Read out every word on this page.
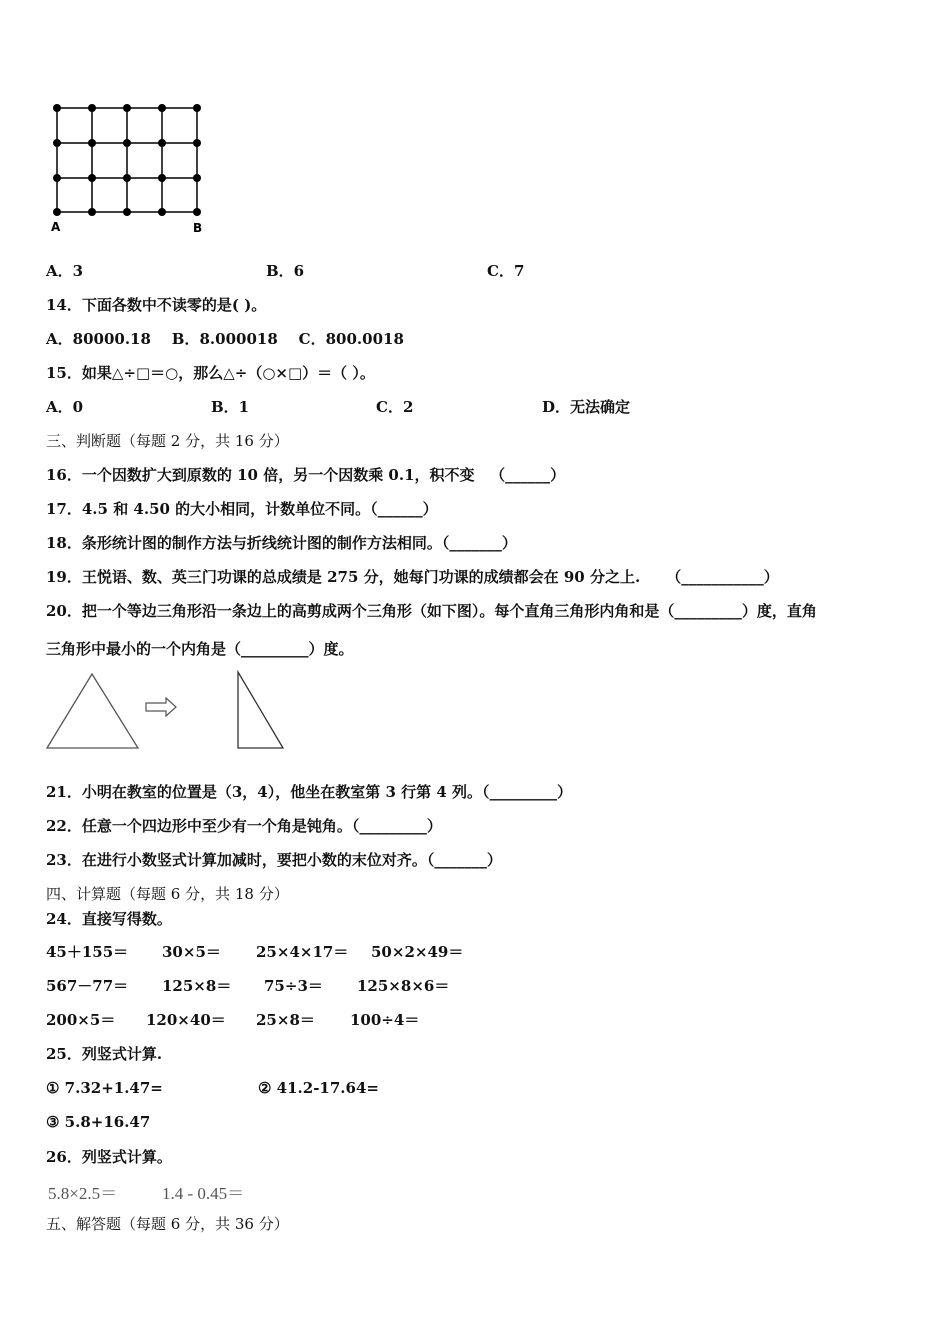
A	B
A．3	B．6	C．7
14．下面各数中不读零的是( )。
A．80000.18    B．8.000018    C．800.0018
15．如果△÷□＝○，那么△÷（○×□）＝（ ）。
A．0	B．1	C．2	D．无法确定
三、判断题（每题 2 分，共 16 分）
16．一个因数扩大到原数的 10 倍，另一个因数乘 0.1，积不变   （______）
17．4.5 和 4.50 的大小相同，计数单位不同。（______）
18．条形统计图的制作方法与折线统计图的制作方法相同。（_______）
19．王悦语、数、英三门功课的总成绩是 275 分，她每门功课的成绩都会在 90 分之上.     （___________）
20．把一个等边三角形沿一条边上的高剪成两个三角形（如下图）。每个直角三角形内角和是（_________）度，直角
三角形中最小的一个内角是（_________）度。
21．小明在教室的位置是（3，4），他坐在教室第 3 行第 4 列。（_________）
22．任意一个四边形中至少有一个角是钝角。（_________）
23．在进行小数竖式计算加减时，要把小数的末位对齐。（_______）
四、计算题（每题 6 分，共 18 分）
24．直接写得数。
45＋155＝ 30×5＝ 25×4×17＝ 50×2×49＝
567－77＝ 125×8＝ 75÷3＝ 125×8×6＝
200×5＝ 120×40＝ 25×8＝ 100÷4＝
25．列竖式计算.
① 7.32+1.47=	② 41.2-17.64=
③ 5.8+16.47
26．列竖式计算。
5.8×2.5＝	1.4 - 0.45＝
五、解答题（每题 6 分，共 36 分）
